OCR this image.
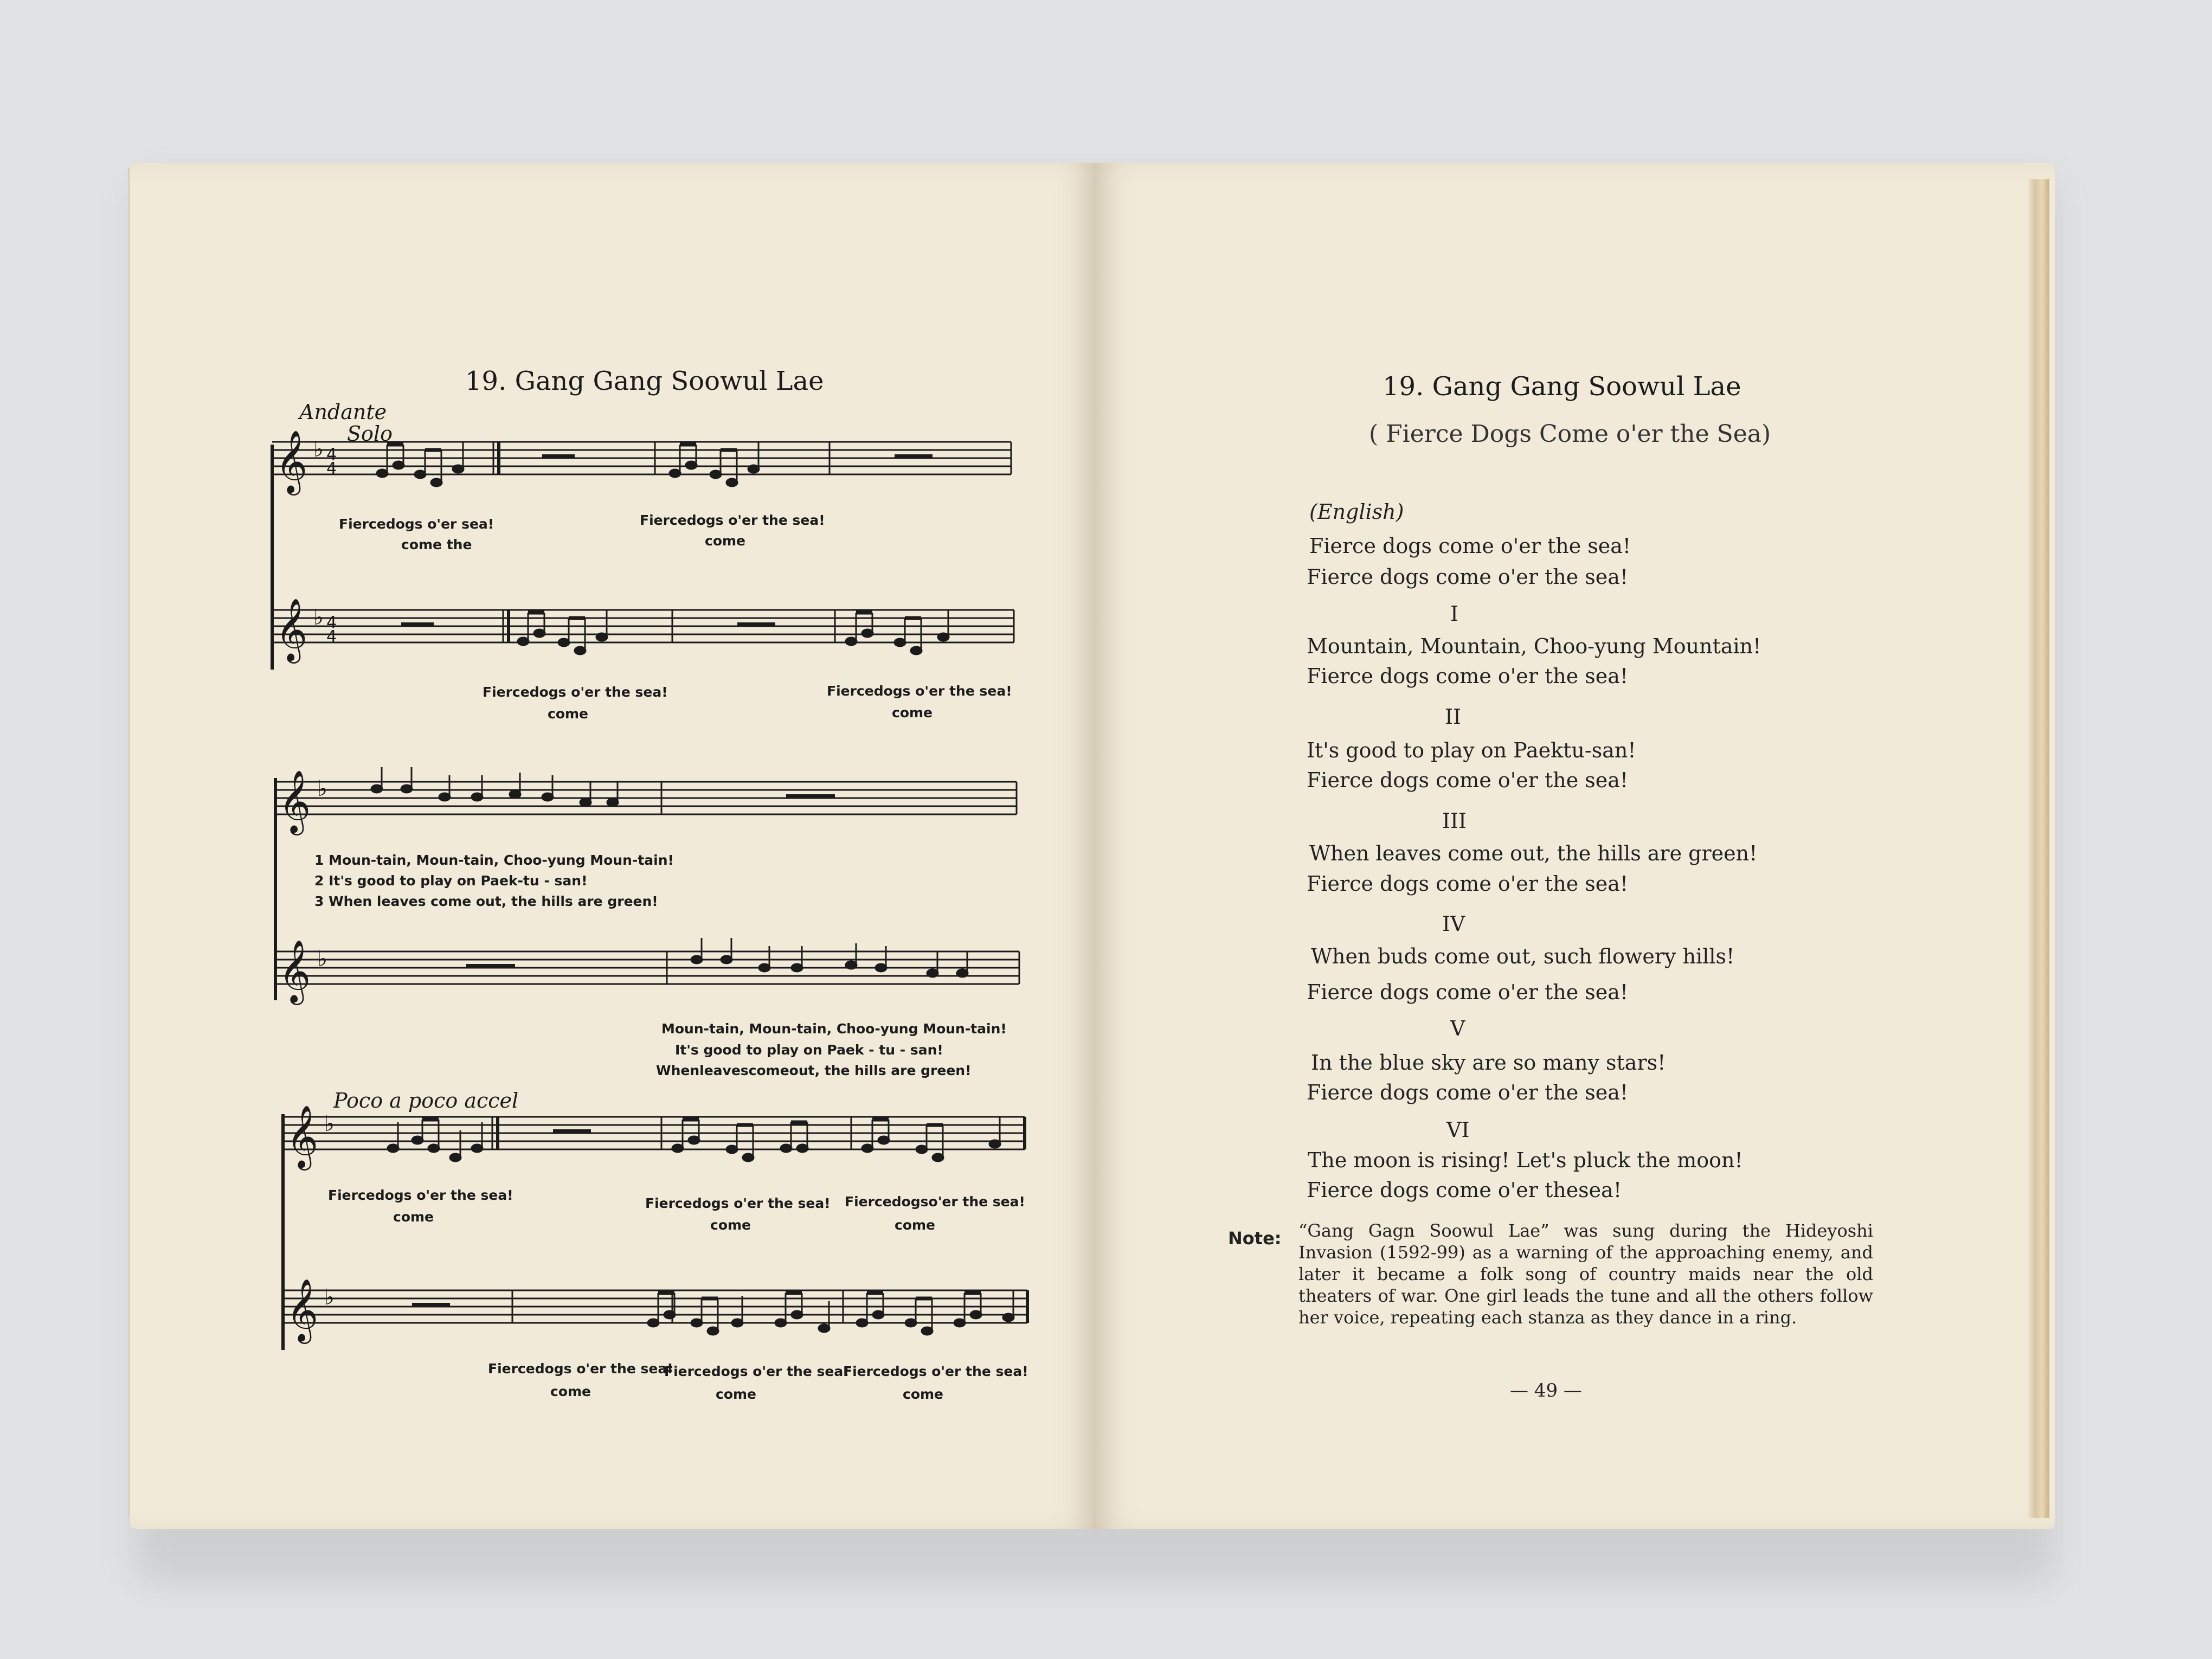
19. Gang Gang Soowul Lae
Andante
Solo
𝄞
𝄞
𝄞
𝄞
𝄞
𝄞
♭ 4
4
♭ 4
4
♭
♭
♭
♭
Fiercedogs o'er sea!
come the
Fiercedogs o'er the sea!
come
Fiercedogs o'er the sea!
come
Fiercedogs o'er the sea!
come
1 Moun-tain, Moun-tain, Choo-yung Moun-tain!
2 It's good to play on Paek-tu - san!
3 When leaves come out, the hills are green!
Moun-tain, Moun-tain, Choo-yung Moun-tain!
It's good to play on Paek - tu - san!
Whenleavescomeout, the hills are green!
Poco a poco accel
Fiercedogs o'er the sea!
come
Fiercedogs o'er the sea!
come
Fiercedogso'er the sea!
come
Fiercedogs o'er the sea!
come
Fiercedogs o'er the sea!
come
Fiercedogs o'er the sea!
come
19. Gang Gang Soowul Lae
( Fierce Dogs Come o'er the Sea)
(English)
Fierce dogs come o'er the sea!
Fierce dogs come o'er the sea!
I
Mountain, Mountain, Choo-yung Mountain!
Fierce dogs come o'er the sea!
II
It's good to play on Paektu-san!
Fierce dogs come o'er the sea!
III
When leaves come out, the hills are green!
Fierce dogs come o'er the sea!
IV
When buds come out, such flowery hills!
Fierce dogs come o'er the sea!
V
In the blue sky are so many stars!
Fierce dogs come o'er the sea!
VI
The moon is rising! Let's pluck the moon!
Fierce dogs come o'er thesea!
Note: “Gang Gagn Soowul Lae” was sung during the Hideyoshi Invasion (1592-99) as a warning of the approaching enemy, and later it became a folk song of country maids near the old theaters of war. One girl leads the tune and all the others follow her voice, repeating each stanza as they dance in a ring.
— 49 —
